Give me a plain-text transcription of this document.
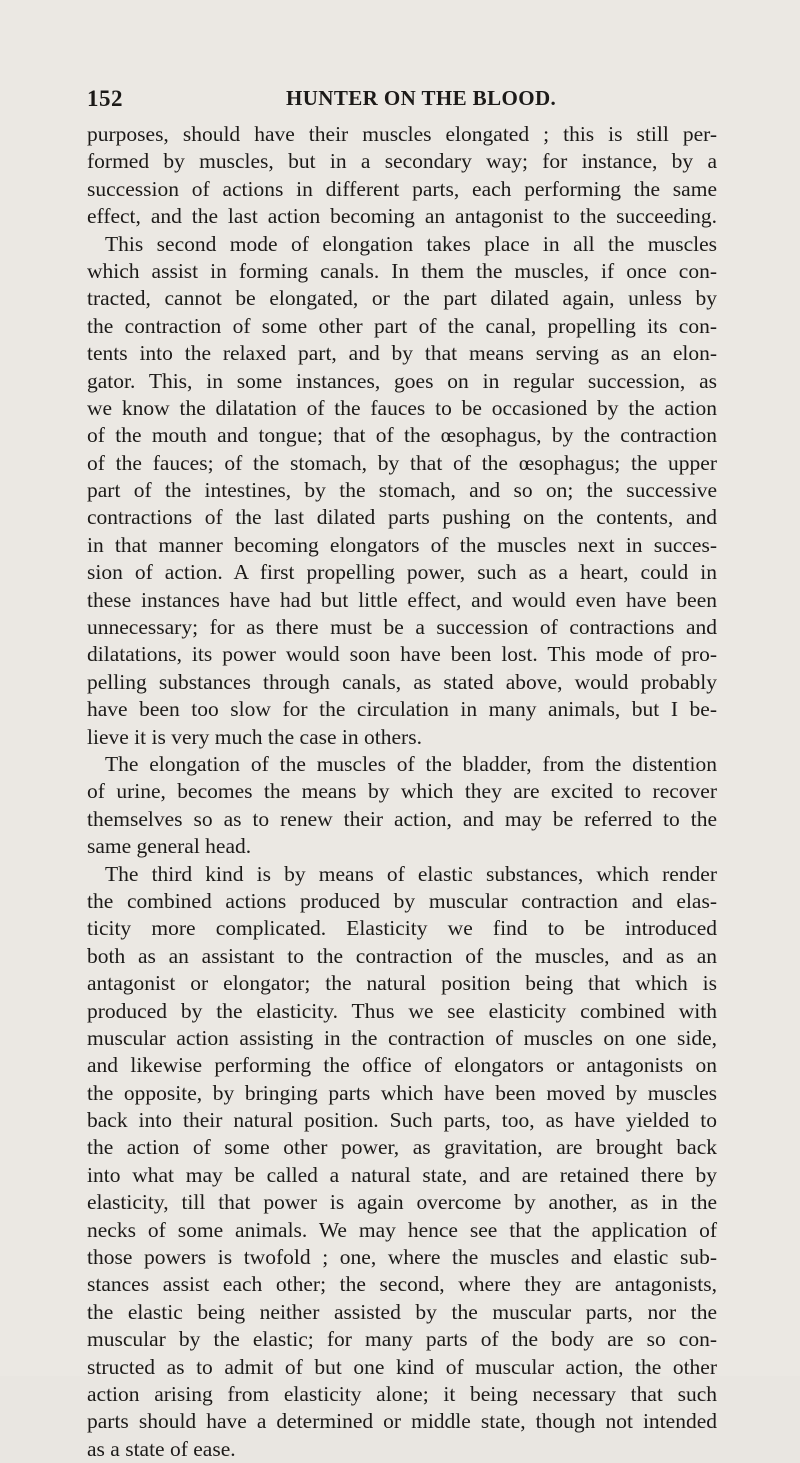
152	HUNTER ON THE BLOOD.
purposes, should have their muscles elongated ; this is still per-
formed by muscles, but in a secondary way; for instance, by a
succession of actions in different parts, each performing the same
effect, and the last action becoming an antagonist to the succeeding.
This second mode of elongation takes place in all the muscles
which assist in forming canals. In them the muscles, if once con-
tracted, cannot be elongated, or the part dilated again, unless by
the contraction of some other part of the canal, propelling its con-
tents into the relaxed part, and by that means serving as an elon-
gator. This, in some instances, goes on in regular succession, as
we know the dilatation of the fauces to be occasioned by the action
of the mouth and tongue; that of the œsophagus, by the contraction
of the fauces; of the stomach, by that of the œsophagus; the upper
part of the intestines, by the stomach, and so on; the successive
contractions of the last dilated parts pushing on the contents, and
in that manner becoming elongators of the muscles next in succes-
sion of action. A first propelling power, such as a heart, could in
these instances have had but little effect, and would even have been
unnecessary; for as there must be a succession of contractions and
dilatations, its power would soon have been lost. This mode of pro-
pelling substances through canals, as stated above, would probably
have been too slow for the circulation in many animals, but I be-
lieve it is very much the case in others.
The elongation of the muscles of the bladder, from the distention
of urine, becomes the means by which they are excited to recover
themselves so as to renew their action, and may be referred to the
same general head.
The third kind is by means of elastic substances, which render
the combined actions produced by muscular contraction and elas-
ticity more complicated. Elasticity we find to be introduced
both as an assistant to the contraction of the muscles, and as an
antagonist or elongator; the natural position being that which is
produced by the elasticity. Thus we see elasticity combined with
muscular action assisting in the contraction of muscles on one side,
and likewise performing the office of elongators or antagonists on
the opposite, by bringing parts which have been moved by muscles
back into their natural position. Such parts, too, as have yielded to
the action of some other power, as gravitation, are brought back
into what may be called a natural state, and are retained there by
elasticity, till that power is again overcome by another, as in the
necks of some animals. We may hence see that the application of
those powers is twofold ; one, where the muscles and elastic sub-
stances assist each other; the second, where they are antagonists,
the elastic being neither assisted by the muscular parts, nor the
muscular by the elastic; for many parts of the body are so con-
structed as to admit of but one kind of muscular action, the other
action arising from elasticity alone; it being necessary that such
parts should have a determined or middle state, though not intended
as a state of ease.
